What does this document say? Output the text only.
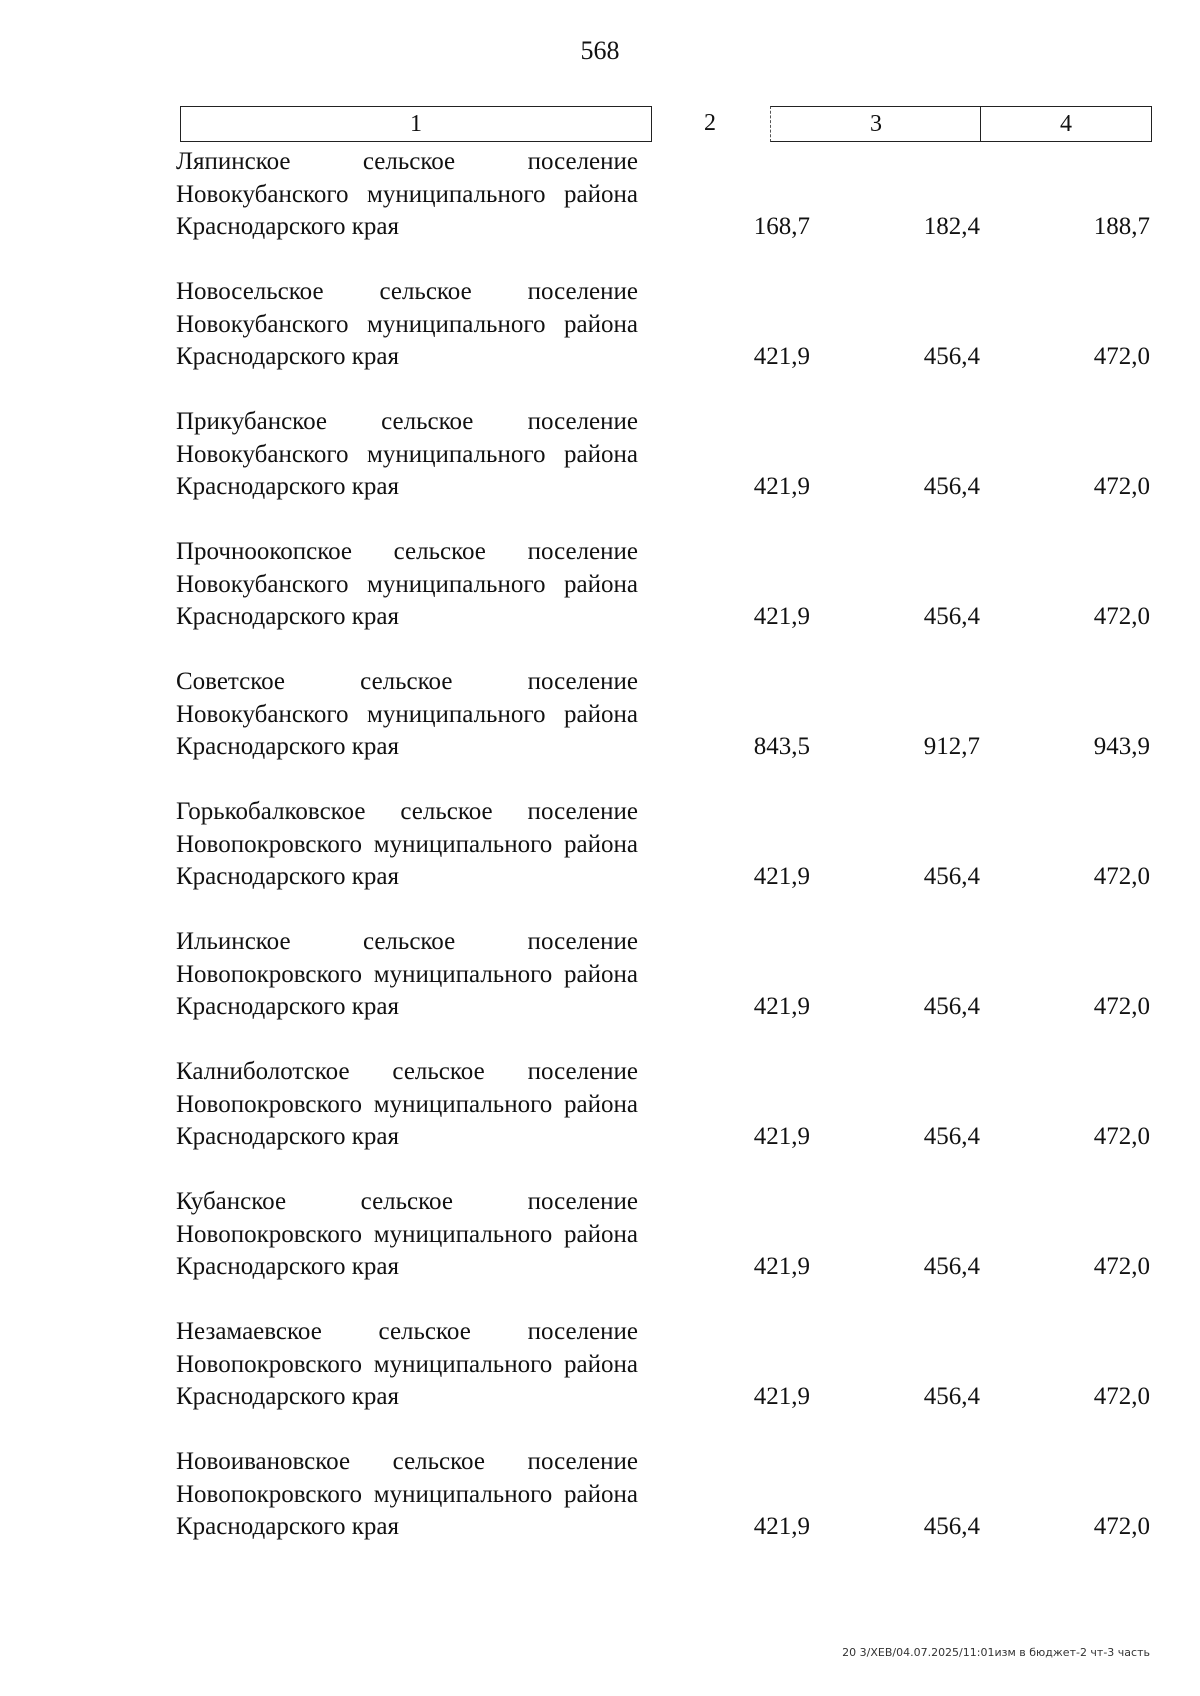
568
1	2	3	4
Ляпинское сельское поселение Новокубанского муниципального района Краснодарского края	168,7	182,4	188,7
Новосельское сельское поселение Новокубанского муниципального района Краснодарского края	421,9	456,4	472,0
Прикубанское сельское поселение Новокубанского муниципального района Краснодарского края	421,9	456,4	472,0
Прочноокопское сельское поселение Новокубанского муниципального района Краснодарского края	421,9	456,4	472,0
Советское сельское поселение Новокубанского муниципального района Краснодарского края	843,5	912,7	943,9
Горькобалковское сельское поселение Новопокровского муниципального района Краснодарского края	421,9	456,4	472,0
Ильинское сельское поселение Новопокровского муниципального района Краснодарского края	421,9	456,4	472,0
Калниболотское сельское поселение Новопокровского муниципального района Краснодарского края	421,9	456,4	472,0
Кубанское сельское поселение Новопокровского муниципального района Краснодарского края	421,9	456,4	472,0
Незамаевское сельское поселение Новопокровского муниципального района Краснодарского края	421,9	456,4	472,0
Новоивановское сельское поселение Новопокровского муниципального района Краснодарского края	421,9	456,4	472,0
20 3/XEB/04.07.2025/11:01изм в бюджет-2 чт-3 часть
